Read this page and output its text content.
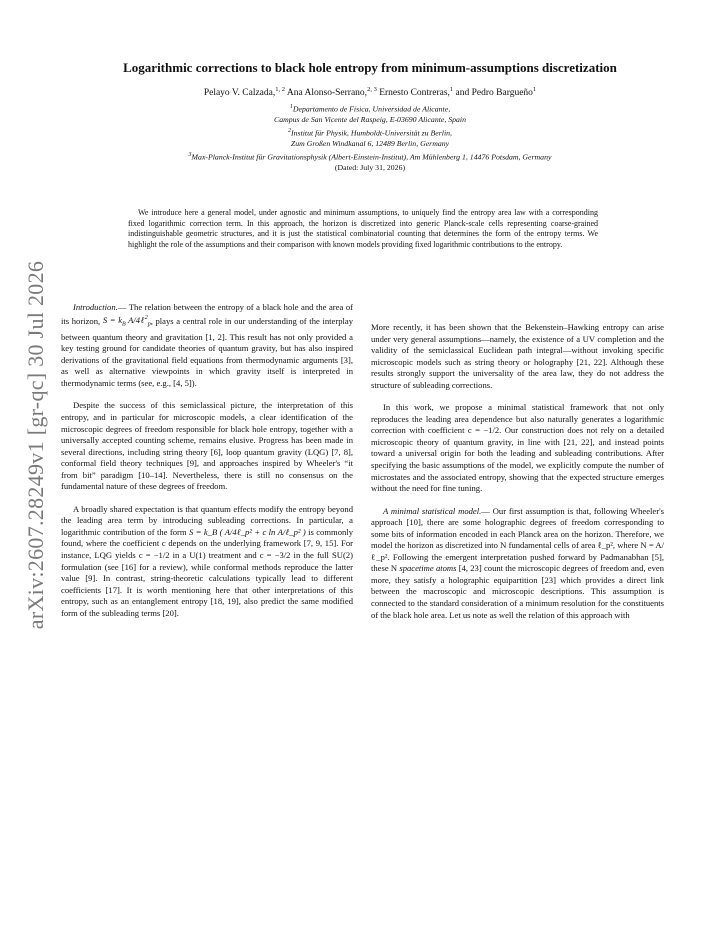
arXiv:2607.28249v1 [gr-qc] 30 Jul 2026
Logarithmic corrections to black hole entropy from minimum-assumptions discretization
Pelayo V. Calzada,$^{1, 2}$ Ana Alonso-Serrano,$^{2, 3}$ Ernesto Contreras,$^1$ and Pedro Bargueño$^1$
$^1$Departamento de Física, Universidad de Alicante,
Campus de San Vicente del Raspeig, E-03690 Alicante, Spain
$^2$Institut für Physik, Humboldt-Universität zu Berlin,
Zum Großen Windkanal 6, 12489 Berlin, Germany
$^3$Max-Planck-Institut für Gravitationsphysik (Albert-Einstein-Institut), Am Mühlenberg 1, 14476 Potsdam, Germany
(Dated: July 31, 2026)
We introduce here a general model, under agnostic and minimum assumptions, to uniquely find the entropy area law with a corresponding fixed logarithmic correction term. In this approach, the horizon is discretized into generic Planck-scale cells representing coarse-grained indistinguishable geometric structures, and it is just the statistical combinatorial counting that determines the form of the entropy terms. We highlight the role of the assumptions and their comparison with known models providing fixed logarithmic contributions to the entropy.

Introduction.— The relation between the entropy of a black hole and the area of its horizon, $S = k_B$ A/4ℓ$^2_p$, plays a central role in our understanding of the interplay between quantum theory and gravitation [1, 2]. This result has not only provided a key testing ground for candidate theories of quantum gravity, but has also inspired derivations of the gravitational field equations from thermodynamic arguments [3], as well as alternative viewpoints in which gravity itself is interpreted in thermodynamic terms (see, e.g., [4, 5]).

Despite the success of this semiclassical picture, the interpretation of this entropy, and in particular for microscopic models, a clear identification of the microscopic degrees of freedom responsible for black hole entropy, together with a universally accepted counting scheme, remains elusive. Progress has been made in several directions, including string theory [6], loop quantum gravity (LQG) [7, 8], conformal field theory techniques [9], and approaches inspired by Wheeler's “it from bit” paradigm [10–14]. Nevertheless, there is still no consensus on the fundamental nature of these degrees of freedom.

A broadly shared expectation is that quantum effects modify the entropy beyond the leading area term by introducing subleading corrections. In particular, a logarithmic contribution of the form S = k_B ( A/4ℓ_p² + c ln A/ℓ_p² ) is commonly found, where the coefficient c depends on the underlying framework [7, 9, 15]. For instance, LQG yields c = −1/2 in a U(1) treatment and c = −3/2 in the full SU(2) formulation (see [16] for a review), while conformal methods reproduce the latter value [9]. In contrast, string-theoretic calculations typically lead to different coefficients [17]. It is worth mentioning here that other interpretations of this entropy, such as an entanglement entropy [18, 19], also predict the same modified form of the subleading terms [20].

More recently, it has been shown that the Bekenstein–Hawking entropy can arise under very general assumptions—namely, the existence of a UV completion and the validity of the semiclassical Euclidean path integral—without invoking specific microscopic models such as string theory or holography [21, 22]. Although these results strongly support the universality of the area law, they do not address the structure of subleading corrections.

In this work, we propose a minimal statistical framework that not only reproduces the leading area dependence but also naturally generates a logarithmic correction with coefficient c = −1/2. Our construction does not rely on a detailed microscopic theory of quantum gravity, in line with [21, 22], and instead points toward a universal origin for both the leading and subleading contributions. After specifying the basic assumptions of the model, we explicitly compute the number of microstates and the associated entropy, showing that the expected structure emerges without the need for fine tuning.

A minimal statistical model.— Our first assumption is that, following Wheeler's approach [10], there are some holographic degrees of freedom corresponding to some bits of information encoded in each Planck area on the horizon. Therefore, we model the horizon as discretized into N fundamental cells of area ℓ_p², where N = A/ℓ_p². Following the emergent interpretation pushed forward by Padmanabhan [5], these N spacetime atoms [4, 23] count the microscopic degrees of freedom and, even more, they satisfy a holographic equipartition [23] which provides a direct link between the macroscopic and microscopic descriptions. This assumption is connected to the standard consideration of a minimum resolution for the constituents of the black hole area. Let us note as well the relation of this approach with
